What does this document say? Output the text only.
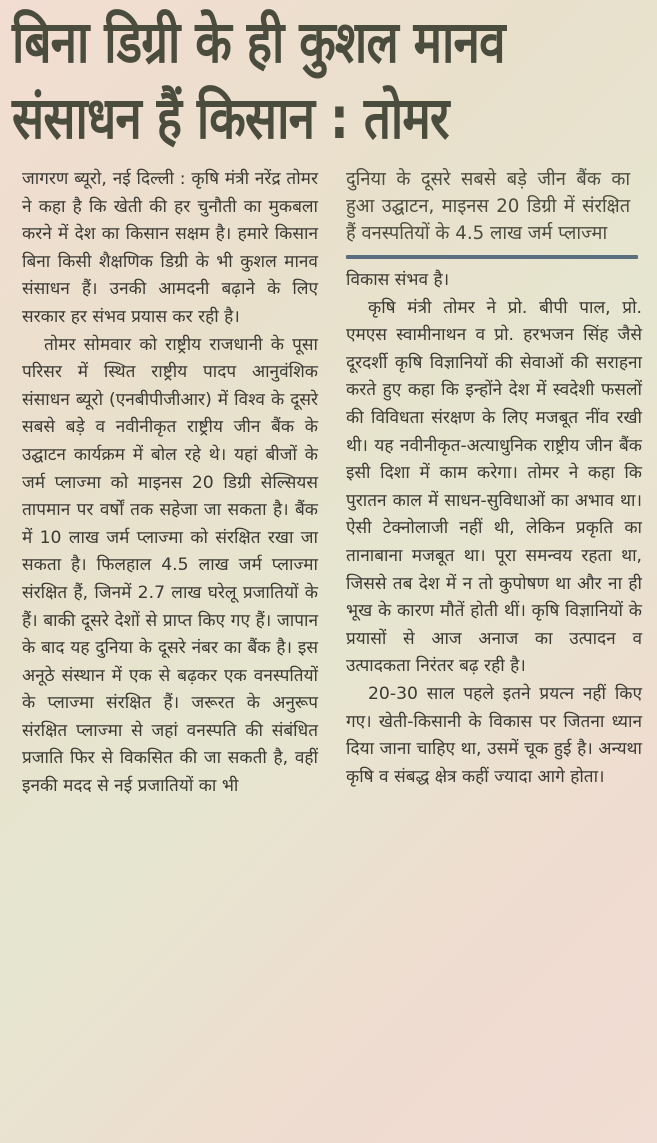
बिना डिग्री के ही कुशल मानव
संसाधन हैं किसान : तोमर

जागरण ब्यूरो, नई दिल्ली : कृषि मंत्री नरेंद्र तोमर ने कहा है कि खेती की हर चुनौती का मुकबला करने में देश का किसान सक्षम है। हमारे किसान बिना किसी शैक्षणिक डिग्री के भी कुशल मानव संसाधन हैं। उनकी आमदनी बढ़ाने के लिए सरकार हर संभव प्रयास कर रही है।

तोमर सोमवार को राष्ट्रीय राजधानी के पूसा परिसर में स्थित राष्ट्रीय पादप आनुवंशिक संसाधन ब्यूरो (एनबीपीजीआर) में विश्व के दूसरे सबसे बड़े व नवीनीकृत राष्ट्रीय जीन बैंक के उद्घाटन कार्यक्रम में बोल रहे थे। यहां बीजों के जर्म प्लाज्मा को माइनस 20 डिग्री सेल्सियस तापमान पर वर्षों तक सहेजा जा सकता है। बैंक में 10 लाख जर्म प्लाज्मा को संरक्षित रखा जा सकता है। फिलहाल 4.5 लाख जर्म प्लाज्मा संरक्षित हैं, जिनमें 2.7 लाख घरेलू प्रजातियों के हैं। बाकी दूसरे देशों से प्राप्त किए गए हैं। जापान के बाद यह दुनिया के दूसरे नंबर का बैंक है। इस अनूठे संस्थान में एक से बढ़कर एक वनस्पतियों के प्लाज्मा संरक्षित हैं। जरूरत के अनुरूप संरक्षित प्लाज्मा से जहां वनस्पति की संबंधित प्रजाति फिर से विकसित की जा सकती है, वहीं इनकी मदद से नई प्रजातियों का भी

दुनिया के दूसरे सबसे बड़े जीन बैंक का हुआ उद्घाटन, माइनस 20 डिग्री में संरक्षित हैं वनस्पतियों के 4.5 लाख जर्म प्लाज्मा

विकास संभव है।

कृषि मंत्री तोमर ने प्रो. बीपी पाल, प्रो. एमएस स्वामीनाथन व प्रो. हरभजन सिंह जैसे दूरदर्शी कृषि विज्ञानियों की सेवाओं की सराहना करते हुए कहा कि इन्होंने देश में स्वदेशी फसलों की विविधता संरक्षण के लिए मजबूत नींव रखी थी। यह नवीनीकृत-अत्याधुनिक राष्ट्रीय जीन बैंक इसी दिशा में काम करेगा। तोमर ने कहा कि पुरातन काल में साधन-सुविधाओं का अभाव था। ऐसी टेक्नोलाजी नहीं थी, लेकिन प्रकृति का तानाबाना मजबूत था। पूरा समन्वय रहता था, जिससे तब देश में न तो कुपोषण था और ना ही भूख के कारण मौतें होती थीं। कृषि विज्ञानियों के प्रयासों से आज अनाज का उत्पादन व उत्पादकता निरंतर बढ़ रही है।

20-30 साल पहले इतने प्रयत्न नहीं किए गए। खेती-किसानी के विकास पर जितना ध्यान दिया जाना चाहिए था, उसमें चूक हुई है। अन्यथा कृषि व संबद्ध क्षेत्र कहीं ज्यादा आगे होता।
